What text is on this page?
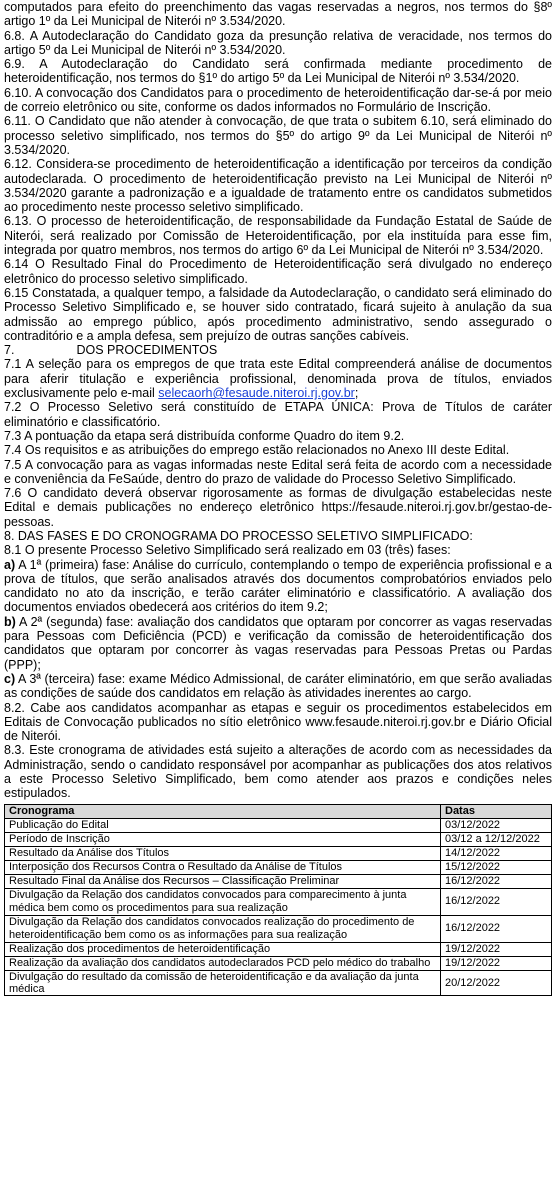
computados para efeito do preenchimento das vagas reservadas a negros, nos termos do §8º artigo 1º da Lei Municipal de Niterói nº 3.534/2020.

6.8. A Autodeclaração do Candidato goza da presunção relativa de veracidade, nos termos do artigo 5º da Lei Municipal de Niterói nº 3.534/2020.

6.9. A Autodeclaração do Candidato será confirmada mediante procedimento de heteroidentificação, nos termos do §1º do artigo 5º da Lei Municipal de Niterói nº 3.534/2020.

6.10. A convocação dos Candidatos para o procedimento de heteroidentificação dar-se-á por meio de correio eletrônico ou site, conforme os dados informados no Formulário de Inscrição.

6.11. O Candidato que não atender à convocação, de que trata o subitem 6.10, será eliminado do processo seletivo simplificado, nos termos do §5º do artigo 9º da Lei Municipal de Niterói nº 3.534/2020.

6.12. Considera-se procedimento de heteroidentificação a identificação por terceiros da condição autodeclarada. O procedimento de heteroidentificação previsto na Lei Municipal de Niterói nº 3.534/2020 garante a padronização e a igualdade de tratamento entre os candidatos submetidos ao procedimento neste processo seletivo simplificado.

6.13. O processo de heteroidentificação, de responsabilidade da Fundação Estatal de Saúde de Niterói, será realizado por Comissão de Heteroidentificação, por ela instituída para esse fim, integrada por quatro membros, nos termos do artigo 6º da Lei Municipal de Niterói nº 3.534/2020.

6.14 O Resultado Final do Procedimento de Heteroidentificação será divulgado no endereço eletrônico do processo seletivo simplificado.

6.15 Constatada, a qualquer tempo, a falsidade da Autodeclaração, o candidato será eliminado do Processo Seletivo Simplificado e, se houver sido contratado, ficará sujeito à anulação da sua admissão ao emprego público, após procedimento administrativo, sendo assegurado o contraditório e a ampla defesa, sem prejuízo de outras sanções cabíveis.

7.	DOS PROCEDIMENTOS

7.1 A seleção para os empregos de que trata este Edital compreenderá análise de documentos para aferir titulação e experiência profissional, denominada prova de títulos, enviados exclusivamente pelo e-mail selecaorh@fesaude.niteroi.rj.gov.br;

7.2 O Processo Seletivo será constituído de ETAPA ÚNICA: Prova de Títulos de caráter eliminatório e classificatório.

7.3 A pontuação da etapa será distribuída conforme Quadro do item 9.2.

7.4 Os requisitos e as atribuições do emprego estão relacionados no Anexo III deste Edital.

7.5 A convocação para as vagas informadas neste Edital será feita de acordo com a necessidade e conveniência da FeSaúde, dentro do prazo de validade do Processo Seletivo Simplificado.

7.6 O candidato deverá observar rigorosamente as formas de divulgação estabelecidas neste Edital e demais publicações no endereço eletrônico https://fesaude.niteroi.rj.gov.br/gestao-de-pessoas.

8. DAS FASES E DO CRONOGRAMA DO PROCESSO SELETIVO SIMPLIFICADO:

8.1 O presente Processo Seletivo Simplificado será realizado em 03 (três) fases:

a) A 1ª (primeira) fase: Análise do currículo, contemplando o tempo de experiência profissional e a prova de títulos, que serão analisados através dos documentos comprobatórios enviados pelo candidato no ato da inscrição, e terão caráter eliminatório e classificatório. A avaliação dos documentos enviados obedecerá aos critérios do item 9.2;

b) A 2ª (segunda) fase: avaliação dos candidatos que optaram por concorrer as vagas reservadas para Pessoas com Deficiência (PCD) e verificação da comissão de heteroidentificação dos candidatos que optaram por concorrer às vagas reservadas para Pessoas Pretas ou Pardas (PPP);

c) A 3ª (terceira) fase: exame Médico Admissional, de caráter eliminatório, em que serão avaliadas as condições de saúde dos candidatos em relação às atividades inerentes ao cargo.

8.2. Cabe aos candidatos acompanhar as etapas e seguir os procedimentos estabelecidos em Editais de Convocação publicados no sítio eletrônico www.fesaude.niteroi.rj.gov.br e Diário Oficial de Niterói.

8.3. Este cronograma de atividades está sujeito a alterações de acordo com as necessidades da Administração, sendo o candidato responsável por acompanhar as publicações dos atos relativos a este Processo Seletivo Simplificado, bem como atender aos prazos e condições neles estipulados.

Cronograma	Datas
Publicação do Edital	03/12/2022
Período de Inscrição	03/12 a 12/12/2022
Resultado da Análise dos Títulos	14/12/2022
Interposição dos Recursos Contra o Resultado da Análise de Títulos	15/12/2022
Resultado Final da Análise dos Recursos – Classificação Preliminar	16/12/2022
Divulgação da Relação dos candidatos convocados para comparecimento à junta médica bem como os procedimentos para sua realização	16/12/2022
Divulgação da Relação dos candidatos convocados realização do procedimento de heteroidentificação bem como os as informações para sua realização	16/12/2022
Realização dos procedimentos de heteroidentificação	19/12/2022
Realização da avaliação dos candidatos autodeclarados PCD pelo médico do trabalho	19/12/2022
Divulgação do resultado da comissão de heteroidentificação e da avaliação da junta médica	20/12/2022
